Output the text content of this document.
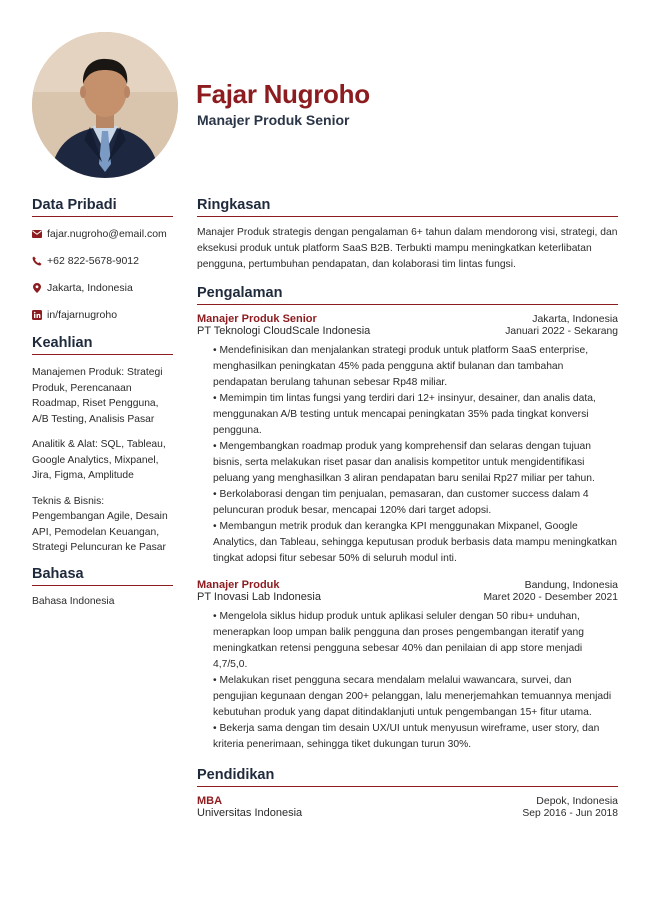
Fajar Nugroho
Manajer Produk Senior
Data Pribadi
fajar.nugroho@email.com
+62 822-5678-9012
Jakarta, Indonesia
in/fajarnugroho
Keahlian
Manajemen Produk: Strategi Produk, Perencanaan Roadmap, Riset Pengguna, A/B Testing, Analisis Pasar
Analitik & Alat: SQL, Tableau, Google Analytics, Mixpanel, Jira, Figma, Amplitude
Teknis & Bisnis: Pengembangan Agile, Desain API, Pemodelan Keuangan, Strategi Peluncuran ke Pasar
Bahasa
Bahasa Indonesia
Ringkasan
Manajer Produk strategis dengan pengalaman 6+ tahun dalam mendorong visi, strategi, dan eksekusi produk untuk platform SaaS B2B. Terbukti mampu meningkatkan keterlibatan pengguna, pertumbuhan pendapatan, dan kolaborasi tim lintas fungsi.
Pengalaman
Manajer Produk Senior	Jakarta, Indonesia
PT Teknologi CloudScale Indonesia	Januari 2022 - Sekarang
• Mendefinisikan dan menjalankan strategi produk untuk platform SaaS enterprise, menghasilkan peningkatan 45% pada pengguna aktif bulanan dan tambahan pendapatan berulang tahunan sebesar Rp48 miliar.
• Memimpin tim lintas fungsi yang terdiri dari 12+ insinyur, desainer, dan analis data, menggunakan A/B testing untuk mencapai peningkatan 35% pada tingkat konversi pengguna.
• Mengembangkan roadmap produk yang komprehensif dan selaras dengan tujuan bisnis, serta melakukan riset pasar dan analisis kompetitor untuk mengidentifikasi peluang yang menghasilkan 3 aliran pendapatan baru senilai Rp27 miliar per tahun.
• Berkolaborasi dengan tim penjualan, pemasaran, dan customer success dalam 4 peluncuran produk besar, mencapai 120% dari target adopsi.
• Membangun metrik produk dan kerangka KPI menggunakan Mixpanel, Google Analytics, dan Tableau, sehingga keputusan produk berbasis data mampu meningkatkan tingkat adopsi fitur sebesar 50% di seluruh modul inti.
Manajer Produk	Bandung, Indonesia
PT Inovasi Lab Indonesia	Maret 2020 - Desember 2021
• Mengelola siklus hidup produk untuk aplikasi seluler dengan 50 ribu+ unduhan, menerapkan loop umpan balik pengguna dan proses pengembangan iteratif yang meningkatkan retensi pengguna sebesar 40% dan penilaian di app store menjadi 4,7/5,0.
• Melakukan riset pengguna secara mendalam melalui wawancara, survei, dan pengujian kegunaan dengan 200+ pelanggan, lalu menerjemahkan temuannya menjadi kebutuhan produk yang dapat ditindaklanjuti untuk pengembangan 15+ fitur utama.
• Bekerja sama dengan tim desain UX/UI untuk menyusun wireframe, user story, dan kriteria penerimaan, sehingga tiket dukungan turun 30%.
Pendidikan
MBA	Depok, Indonesia
Universitas Indonesia	Sep 2016 - Jun 2018
